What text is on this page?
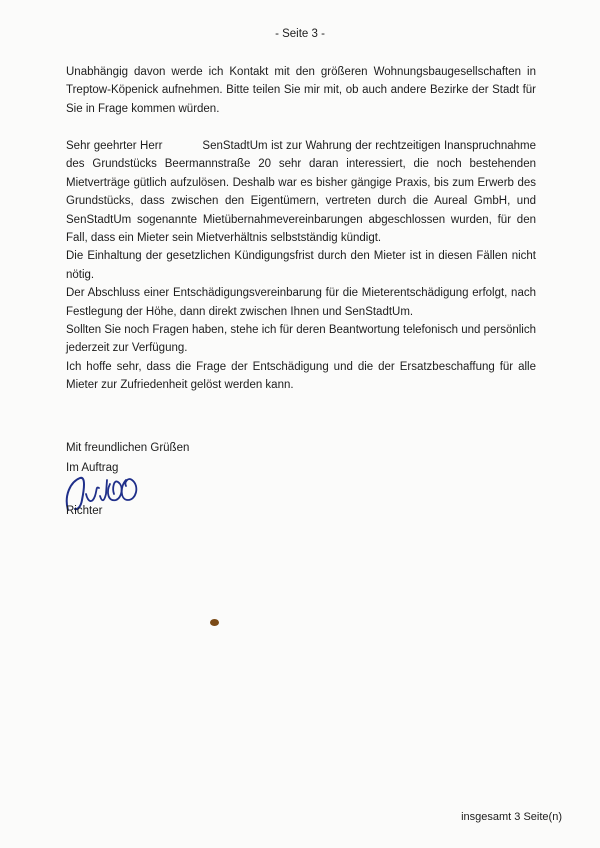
- Seite 3 -
Unabhängig davon werde ich Kontakt mit den größeren Wohnungsbaugesellschaften in Treptow-Köpenick aufnehmen. Bitte teilen Sie mir mit, ob auch andere Bezirke der Stadt für Sie in Frage kommen würden.

Sehr geehrter Herr	SenStadtUm ist zur Wahrung der rechtzeitigen Inanspruchnahme des Grundstücks Beermannstraße 20 sehr daran interessiert, die noch bestehenden Mietverträge gütlich aufzulösen. Deshalb war es bisher gängige Praxis, bis zum Erwerb des Grundstücks, dass zwischen den Eigentümern, vertreten durch die Aureal GmbH, und SenStadtUm sogenannte Mietübernahmevereinbarungen abgeschlossen wurden, für den Fall, dass ein Mieter sein Mietverhältnis selbstständig kündigt.

Die Einhaltung der gesetzlichen Kündigungsfrist durch den Mieter ist in diesen Fällen nicht nötig.

Der Abschluss einer Entschädigungsvereinbarung für die Mieterentschädigung erfolgt, nach Festlegung der Höhe, dann direkt zwischen Ihnen und SenStadtUm.

Sollten Sie noch Fragen haben, stehe ich für deren Beantwortung telefonisch und persönlich jederzeit zur Verfügung.

Ich hoffe sehr, dass die Frage der Entschädigung und die der Ersatzbeschaffung für alle Mieter zur Zufriedenheit gelöst werden kann.

Mit freundlichen Grüßen
Im Auftrag
Richter
insgesamt 3 Seite(n)
